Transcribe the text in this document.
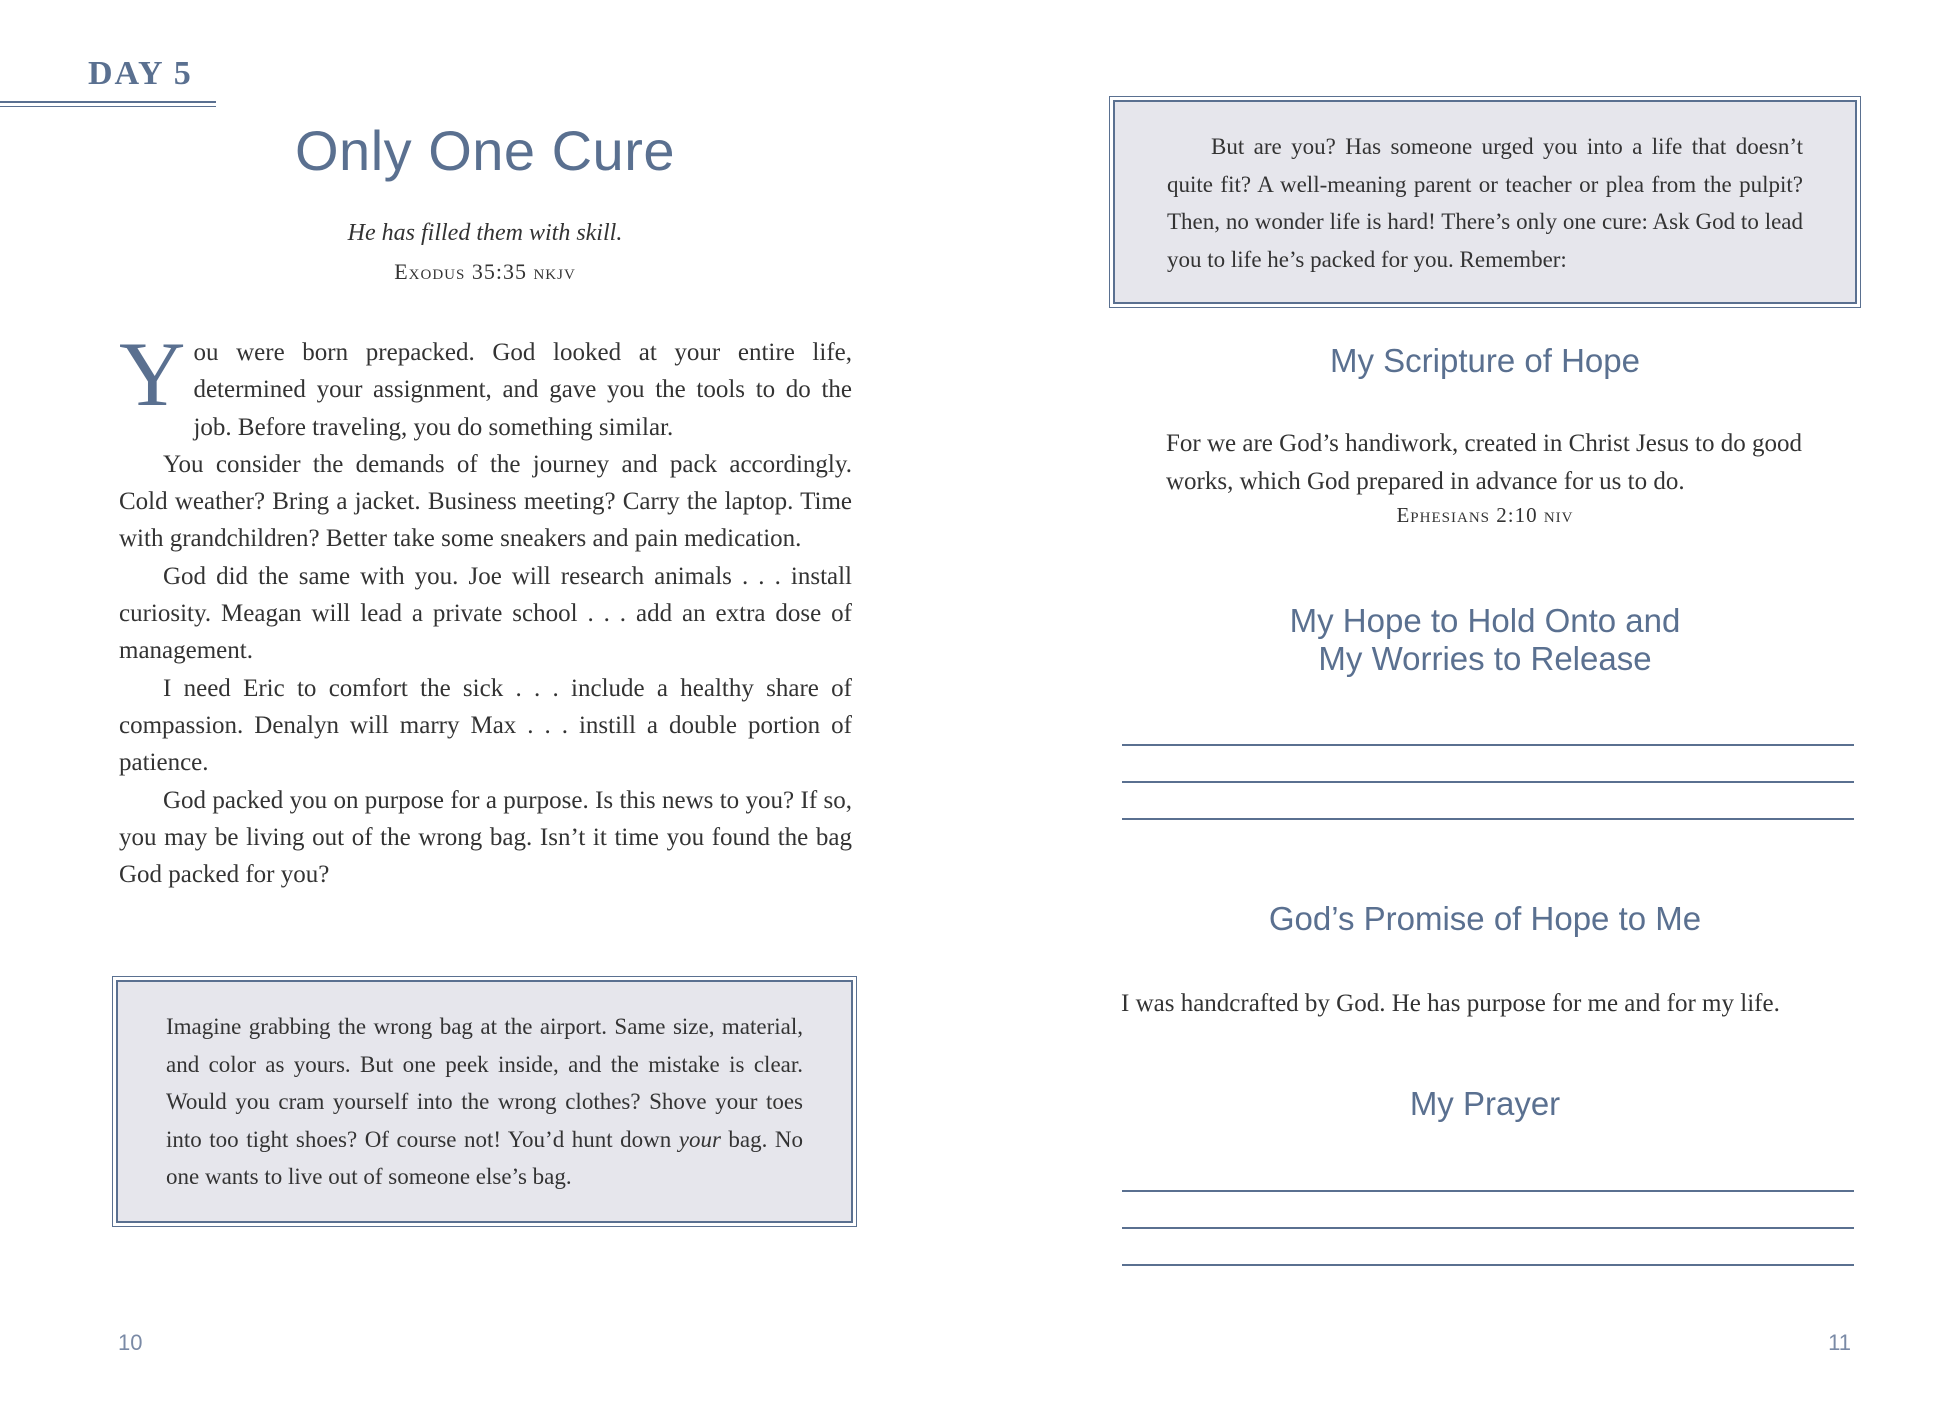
DAY 5
Only One Cure
He has filled them with skill.
Exodus 35:35 nkjv

You were born prepacked. God looked at your entire life, determined your assignment, and gave you the tools to do the job. Before traveling, you do something similar.

You consider the demands of the journey and pack accordingly. Cold weather? Bring a jacket. Business meeting? Carry the laptop. Time with grandchildren? Better take some sneakers and pain medication.

God did the same with you. Joe will research animals . . . install curiosity. Meagan will lead a private school . . . add an extra dose of management.

I need Eric to comfort the sick . . . include a healthy share of compassion. Denalyn will marry Max . . . instill a double portion of patience.

God packed you on purpose for a purpose. Is this news to you? If so, you may be living out of the wrong bag. Isn’t it time you found the bag God packed for you?

Imagine grabbing the wrong bag at the airport. Same size, material, and color as yours. But one peek inside, and the mistake is clear. Would you cram yourself into the wrong clothes? Shove your toes into too tight shoes? Of course not! You’d hunt down your bag. No one wants to live out of someone else’s bag.

10

But are you? Has someone urged you into a life that doesn’t quite fit? A well-meaning parent or teacher or plea from the pulpit? Then, no wonder life is hard! There’s only one cure: Ask God to lead you to life he’s packed for you. Remember:

My Scripture of Hope
For we are God’s handiwork, created in Christ Jesus to do good works, which God prepared in advance for us to do.
Ephesians 2:10 niv
My Hope to Hold Onto and
My Worries to Release
God’s Promise of Hope to Me
I was handcrafted by God. He has purpose for me and for my life.
My Prayer
11
